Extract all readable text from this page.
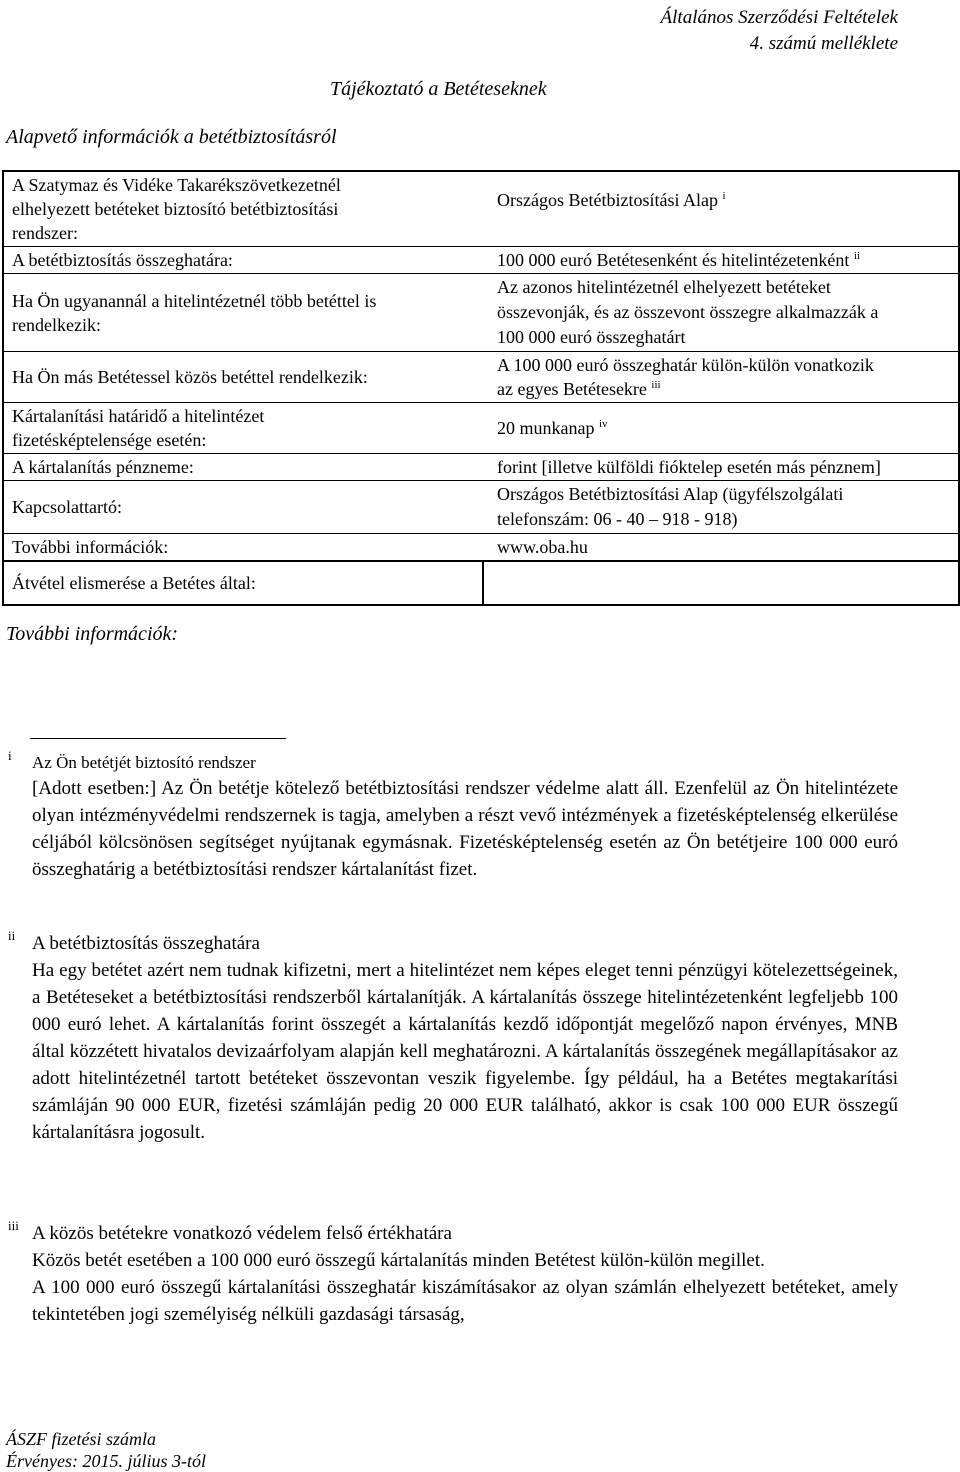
Általános Szerződési Feltételek
4. számú melléklete
Tájékoztató a Betéteseknek
Alapvető információk a betétbiztosításról
A Szatymaz és Vidéke Takarékszövetkezetnél
elhelyezett betéteket biztosító betétbiztosítási
rendszer:	Országos Betétbiztosítási Alap $^i$
A betétbiztosítás összeghatára:	100 000 euró Betétesenként és hitelintézetenként $^{ii}$
Ha Ön ugyanannál a hitelintézetnél több betéttel is
rendelkezik:	Az azonos hitelintézetnél elhelyezett betéteket
összevonják, és az összevont összegre alkalmazzák a
100 000 euró összeghatárt
Ha Ön más Betétessel közös betéttel rendelkezik:	A 100 000 euró összeghatár külön-külön vonatkozik
az egyes Betétesekre $^{iii}$
Kártalanítási határidő a hitelintézet
fizetésképtelensége esetén:	20 munkanap $^{iv}$
A kártalanítás pénzneme:	forint [illetve külföldi fióktelep esetén más pénznem]
Kapcsolattartó:	Országos Betétbiztosítási Alap (ügyfélszolgálati
telefonszám: 06 - 40 – 918 - 918)
További információk:	www.oba.hu
Átvétel elismerése a Betétes által:	
További információk:
i Az Ön betétjét biztosító rendszer

[Adott esetben:] Az Ön betétje kötelező betétbiztosítási rendszer védelme alatt áll. Ezenfelül az Ön hitelintézete olyan intézményvédelmi rendszernek is tagja, amelyben a részt vevő intézmények a fizetésképtelenség elkerülése céljából kölcsönösen segítséget nyújtanak egymásnak. Fizetésképtelenség esetén az Ön betétjeire 100 000 euró összeghatárig a betétbiztosítási rendszer kártalanítást fizet.

ii A betétbiztosítás összeghatára

Ha egy betétet azért nem tudnak kifizetni, mert a hitelintézet nem képes eleget tenni pénzügyi kötelezettségeinek, a Betéteseket a betétbiztosítási rendszerből kártalanítják. A kártalanítás összege hitelintézetenként legfeljebb 100 000 euró lehet. A kártalanítás forint összegét a kártalanítás kezdő időpontját megelőző napon érvényes, MNB által közzétett hivatalos devizaárfolyam alapján kell meghatározni. A kártalanítás összegének megállapításakor az adott hitelintézetnél tartott betéteket összevontan veszik figyelembe. Így például, ha a Betétes megtakarítási számláján 90 000 EUR, fizetési számláján pedig 20 000 EUR található, akkor is csak 100 000 EUR összegű kártalanításra jogosult.

iii A közös betétekre vonatkozó védelem felső értékhatára

Közös betét esetében a 100 000 euró összegű kártalanítás minden Betétest külön-külön megillet.

A 100 000 euró összegű kártalanítási összeghatár kiszámításakor az olyan számlán elhelyezett betéteket, amely tekintetében jogi személyiség nélküli gazdasági társaság,

ÁSZF fizetési számla
Érvényes: 2015. július 3-tól
